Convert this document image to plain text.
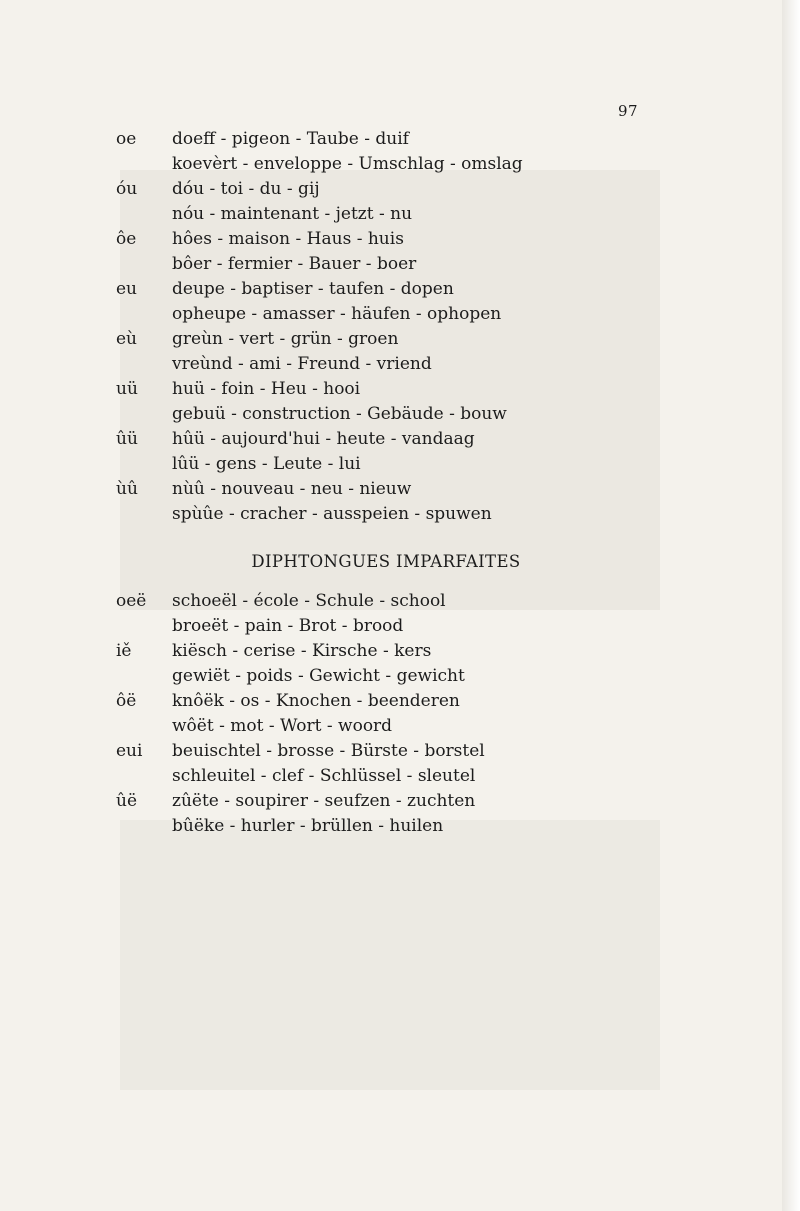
97
oe	doeff - pigeon - Taube - duif
koevèrt - enveloppe - Umschlag - omslag
óu	dóu - toi - du - gij
nóu - maintenant - jetzt - nu
ôe	hôes - maison - Haus - huis
bôer - fermier - Bauer - boer
eu	deupe - baptiser - taufen - dopen
opheupe - amasser - häufen - ophopen
eù	greùn - vert - grün - groen
vreùnd - ami - Freund - vriend
uü	huü - foin - Heu - hooi
gebuü - construction - Gebäude - bouw
ûü	hûü - aujourd'hui - heute - vandaag
lûü - gens - Leute - lui
ùû	nùû - nouveau - neu - nieuw
spùûe - cracher - ausspeien - spuwen
DIPHTONGUES IMPARFAITES
oeë	schoeël - école - Schule - school
broeët - pain - Brot - brood
iě	kiësch - cerise - Kirsche - kers
gewiët - poids - Gewicht - gewicht
ôë	knôëk - os - Knochen - beenderen
wôët - mot - Wort - woord
eui	beuischtel - brosse - Bürste - borstel
schleuitel - clef - Schlüssel - sleutel
ûë	zûëte - soupirer - seufzen - zuchten
bûëke - hurler - brüllen - huilen
